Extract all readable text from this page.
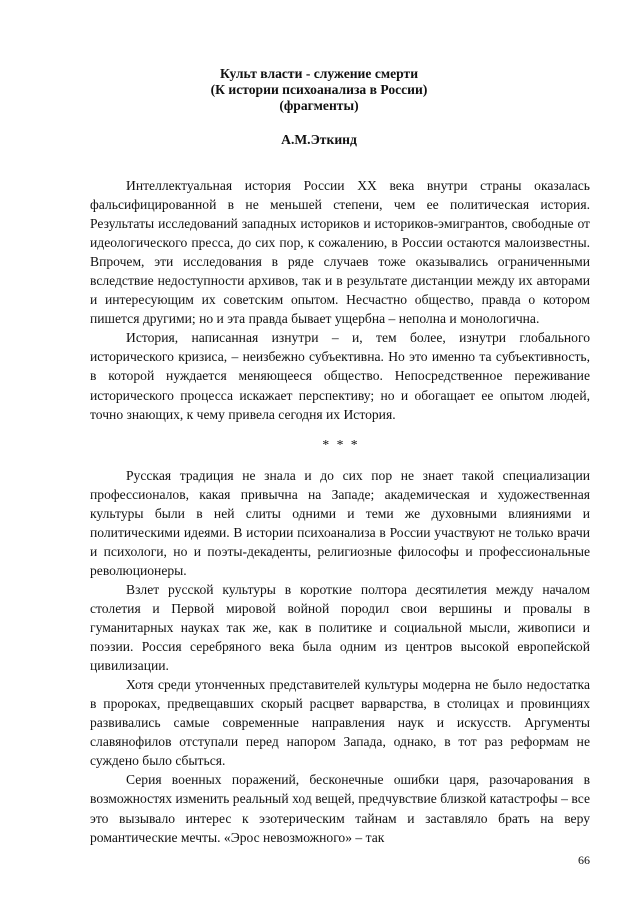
Культ власти - служение смерти
(К истории психоанализа в России)
(фрагменты)
А.М.Эткинд

Интеллектуальная история России XX века внутри страны оказалась фальсифицированной в не меньшей степени, чем ее политическая история. Результаты исследований западных историков и историков-эмигрантов, свободные от идеологического пресса, до сих пор, к сожалению, в России остаются малоизвестны. Впрочем, эти исследования в ряде случаев тоже оказывались ограниченными вследствие недоступности архивов, так и в результате дистанции между их авторами и интересующим их советским опытом. Несчастно общество, правда о котором пишется другими; но и эта правда бывает ущербна – неполна и монологична.

История, написанная изнутри – и, тем более, изнутри глобального исторического кризиса, – неизбежно субъективна. Но это именно та субъективность, в которой нуждается меняющееся общество. Непосредственное переживание исторического процесса искажает перспективу; но и обогащает ее опытом людей, точно знающих, к чему привела сегодня их История.

* * *

Русская традиция не знала и до сих пор не знает такой специализации профессионалов, какая привычна на Западе; академическая и художественная культуры были в ней слиты одними и теми же духовными влияниями и политическими идеями. В истории психоанализа в России участвуют не только врачи и психологи, но и поэты-декаденты, религиозные философы и профессиональные революционеры.

Взлет русской культуры в короткие полтора десятилетия между началом столетия и Первой мировой войной породил свои вершины и провалы в гуманитарных науках так же, как в политике и социальной мысли, живописи и поэзии. Россия серебряного века была одним из центров высокой европейской цивилизации.

Хотя среди утонченных представителей культуры модерна не было недостатка в пророках, предвещавших скорый расцвет варварства, в столицах и провинциях развивались самые современные направления наук и искусств. Аргументы славянофилов отступали перед напором Запада, однако, в тот раз реформам не суждено было сбыться.

Серия военных поражений, бесконечные ошибки царя, разочарования в возможностях изменить реальный ход вещей, предчувствие близкой катастрофы – все это вызывало интерес к эзотерическим тайнам и заставляло брать на веру романтические мечты. «Эрос невозможного» – так

66
